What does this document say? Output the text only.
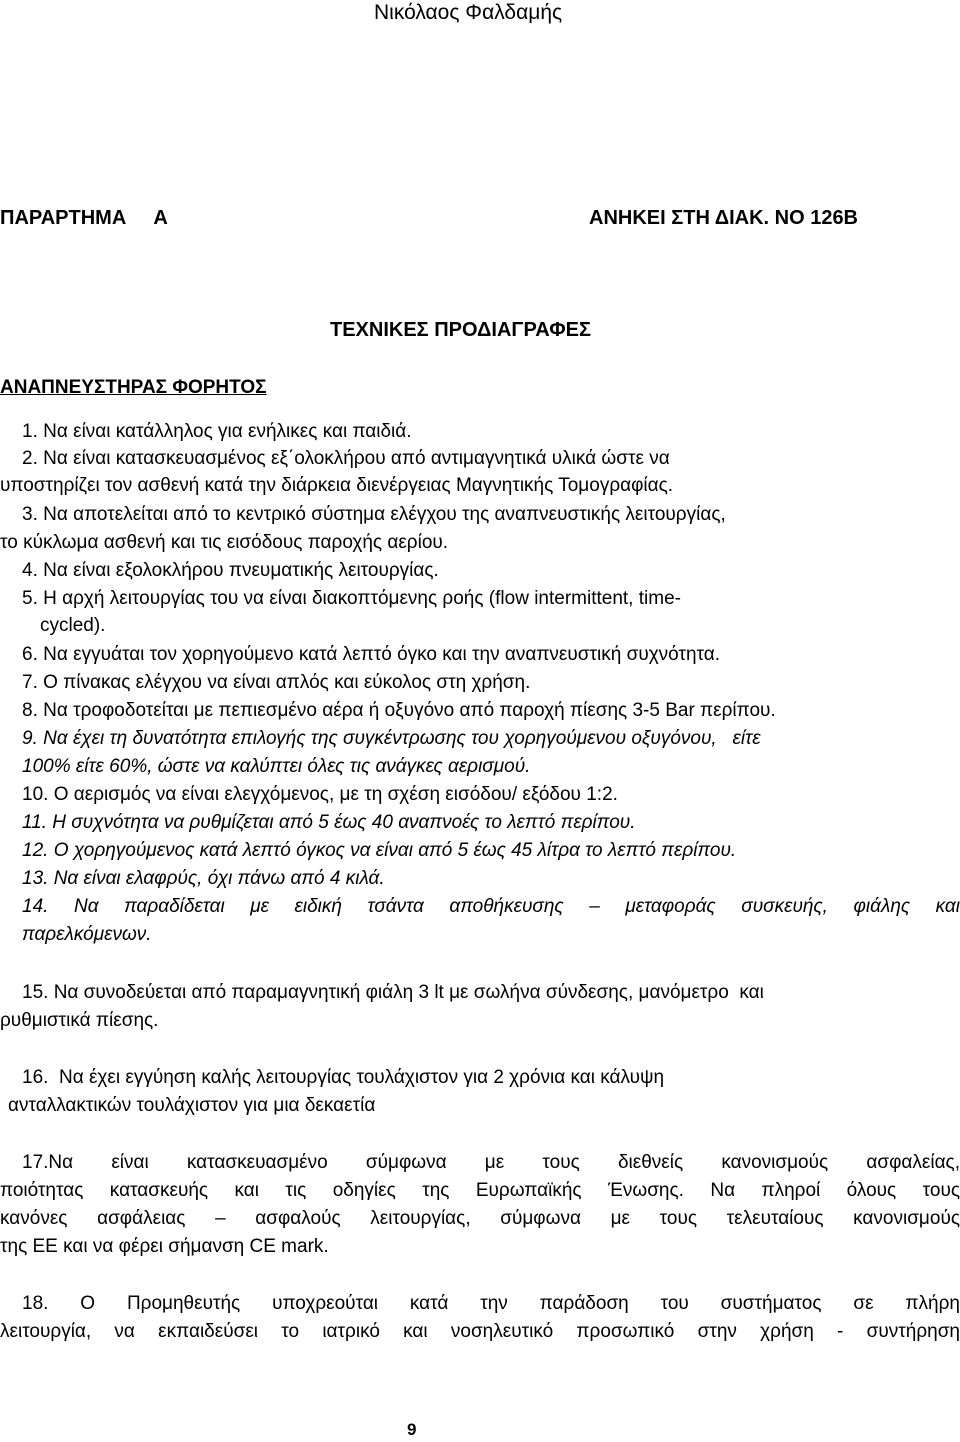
Νικόλαος Φαλδαμής
ΠΑΡΑΡΤΗΜΑ     Α	ΑΝΗΚΕΙ ΣΤΗ ΔΙΑΚ. ΝΟ 126Β
ΤΕΧΝΙΚΕΣ ΠΡΟΔΙΑΓΡΑΦΕΣ
ΑΝΑΠΝΕΥΣΤΗΡΑΣ ΦΟΡΗΤΟΣ
1. Να είναι κατάλληλος για ενήλικες και παιδιά.
2. Να είναι κατασκευασμένος εξ΄ολοκλήρου από αντιμαγνητικά υλικά ώστε να
υποστηρίζει τον ασθενή κατά την διάρκεια διενέργειας Μαγνητικής Τομογραφίας.
3. Να αποτελείται από το κεντρικό σύστημα ελέγχου της αναπνευστικής λειτουργίας,
το κύκλωμα ασθενή και τις εισόδους παροχής αερίου.
4. Να είναι εξολοκλήρου πνευματικής λειτουργίας.
5. Η αρχή λειτουργίας του να είναι διακοπτόμενης ροής (flow intermittent, time-
cycled).
6. Να εγγυάται τον χορηγούμενο κατά λεπτό όγκο και την αναπνευστική συχνότητα.
7. Ο πίνακας ελέγχου να είναι απλός και εύκολος στη χρήση.
8. Να τροφοδοτείται με πεπιεσμένο αέρα ή οξυγόνο από παροχή πίεσης 3-5 Bar περίπου.
9. Να έχει τη δυνατότητα επιλογής της συγκέντρωσης του χορηγούμενου οξυγόνου,   είτε
100% είτε 60%, ώστε να καλύπτει όλες τις ανάγκες αερισμού.
10. Ο αερισμός να είναι ελεγχόμενος, με τη σχέση εισόδου/ εξόδου 1:2.
11. Η συχνότητα να ρυθμίζεται από 5 έως 40 αναπνοές το λεπτό περίπου.
12. Ο χορηγούμενος κατά λεπτό όγκος να είναι από 5 έως 45 λίτρα το λεπτό περίπου.
13. Να είναι ελαφρύς, όχι πάνω από 4 κιλά.
14. Να παραδίδεται με ειδική τσάντα αποθήκευσης – μεταφοράς συσκευής, φιάλης και
παρελκόμενων.
15. Να συνοδεύεται από παραμαγνητική φιάλη 3 lt με σωλήνα σύνδεσης, μανόμετρο  και
ρυθμιστικά πίεσης.
16.  Να έχει εγγύηση καλής λειτουργίας τουλάχιστον για 2 χρόνια και κάλυψη
ανταλλακτικών τουλάχιστον για μια δεκαετία
17.Να είναι κατασκευασμένο σύμφωνα με τους διεθνείς κανονισμούς ασφαλείας,
ποιότητας κατασκευής και τις οδηγίες της Ευρωπαϊκής Ένωσης. Να πληροί όλους τους
κανόνες ασφάλειας – ασφαλούς λειτουργίας, σύμφωνα με τους τελευταίους κανονισμούς
της ΕΕ και να φέρει σήμανση CE mark.
18. Ο Προμηθευτής υποχρεούται κατά την παράδοση του συστήματος σε πλήρη
λειτουργία, να εκπαιδεύσει το ιατρικό και νοσηλευτικό προσωπικό στην χρήση - συντήρηση
9
